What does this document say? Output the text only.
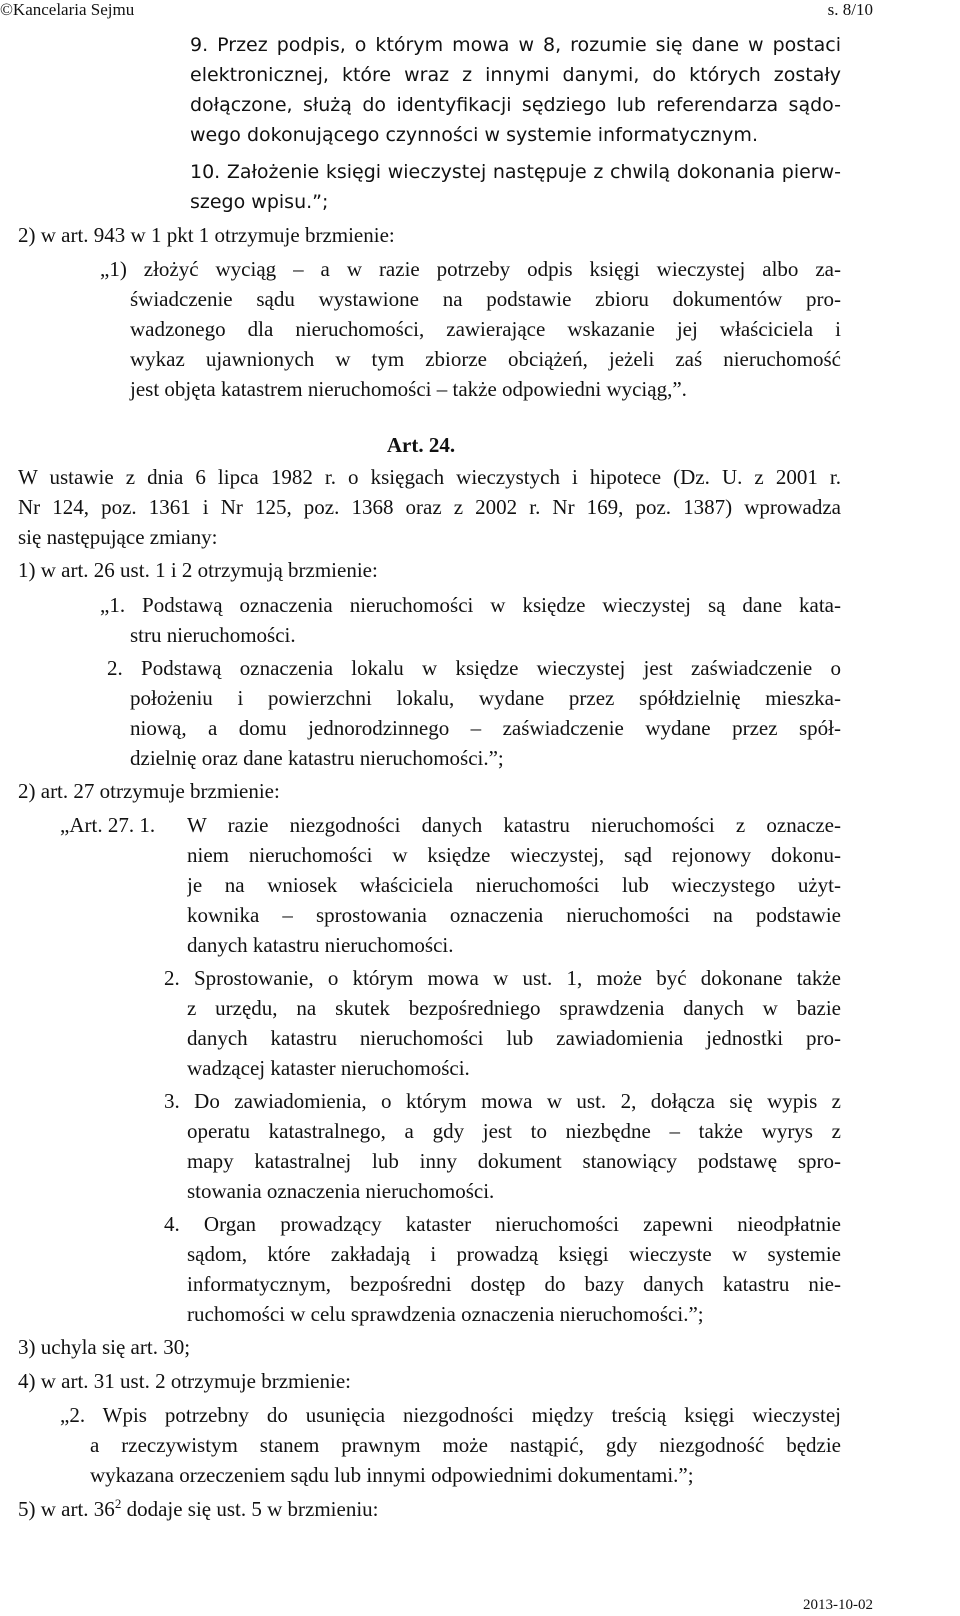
©Kancelaria Sejmu	s. 8/10
9. Przez podpis, o którym mowa w 8, rozumie się dane w postaci
elektronicznej, które wraz z innymi danymi, do których zostały
dołączone, służą do identyfikacji sędziego lub referendarza sądo-
wego dokonującego czynności w systemie informatycznym.
10. Założenie księgi wieczystej następuje z chwilą dokonania pierw-
szego wpisu.”;
2) w art. 943 w 1 pkt 1 otrzymuje brzmienie:
„1) złożyć wyciąg – a w razie potrzeby odpis księgi wieczystej albo za-
świadczenie sądu wystawione na podstawie zbioru dokumentów pro-
wadzonego dla nieruchomości, zawierające wskazanie jej właściciela i
wykaz ujawnionych w tym zbiorze obciążeń, jeżeli zaś nieruchomość
jest objęta katastrem nieruchomości – także odpowiedni wyciąg,”.
Art. 24.
W ustawie z dnia 6 lipca 1982 r. o księgach wieczystych i hipotece (Dz. U. z 2001 r.
Nr 124, poz. 1361 i Nr 125, poz. 1368 oraz z 2002 r. Nr 169, poz. 1387) wprowadza
się następujące zmiany:
1) w art. 26 ust. 1 i 2 otrzymują brzmienie:
„1. Podstawą oznaczenia nieruchomości w księdze wieczystej są dane kata-
stru nieruchomości.
2. Podstawą oznaczenia lokalu w księdze wieczystej jest zaświadczenie o
położeniu i powierzchni lokalu, wydane przez spółdzielnię mieszka-
niową, a domu jednorodzinnego – zaświadczenie wydane przez spół-
dzielnię oraz dane katastru nieruchomości.”;
2) art. 27 otrzymuje brzmienie:
„Art. 27. 1. W razie niezgodności danych katastru nieruchomości z oznacze-
niem nieruchomości w księdze wieczystej, sąd rejonowy dokonu-
je na wniosek właściciela nieruchomości lub wieczystego użyt-
kownika – sprostowania oznaczenia nieruchomości na podstawie
danych katastru nieruchomości.
2. Sprostowanie, o którym mowa w ust. 1, może być dokonane także
z urzędu, na skutek bezpośredniego sprawdzenia danych w bazie
danych katastru nieruchomości lub zawiadomienia jednostki pro-
wadzącej kataster nieruchomości.
3. Do zawiadomienia, o którym mowa w ust. 2, dołącza się wypis z
operatu katastralnego, a gdy jest to niezbędne – także wyrys z
mapy katastralnej lub inny dokument stanowiący podstawę spro-
stowania oznaczenia nieruchomości.
4. Organ prowadzący kataster nieruchomości zapewni nieodpłatnie
sądom, które zakładają i prowadzą księgi wieczyste w systemie
informatycznym, bezpośredni dostęp do bazy danych katastru nie-
ruchomości w celu sprawdzenia oznaczenia nieruchomości.”;
3) uchyla się art. 30;
4) w art. 31 ust. 2 otrzymuje brzmienie:
„2. Wpis potrzebny do usunięcia niezgodności między treścią księgi wieczystej
a rzeczywistym stanem prawnym może nastąpić, gdy niezgodność będzie
wykazana orzeczeniem sądu lub innymi odpowiednimi dokumentami.”;
5) w art. $36^2$ dodaje się ust. 5 w brzmieniu:
2013-10-02
